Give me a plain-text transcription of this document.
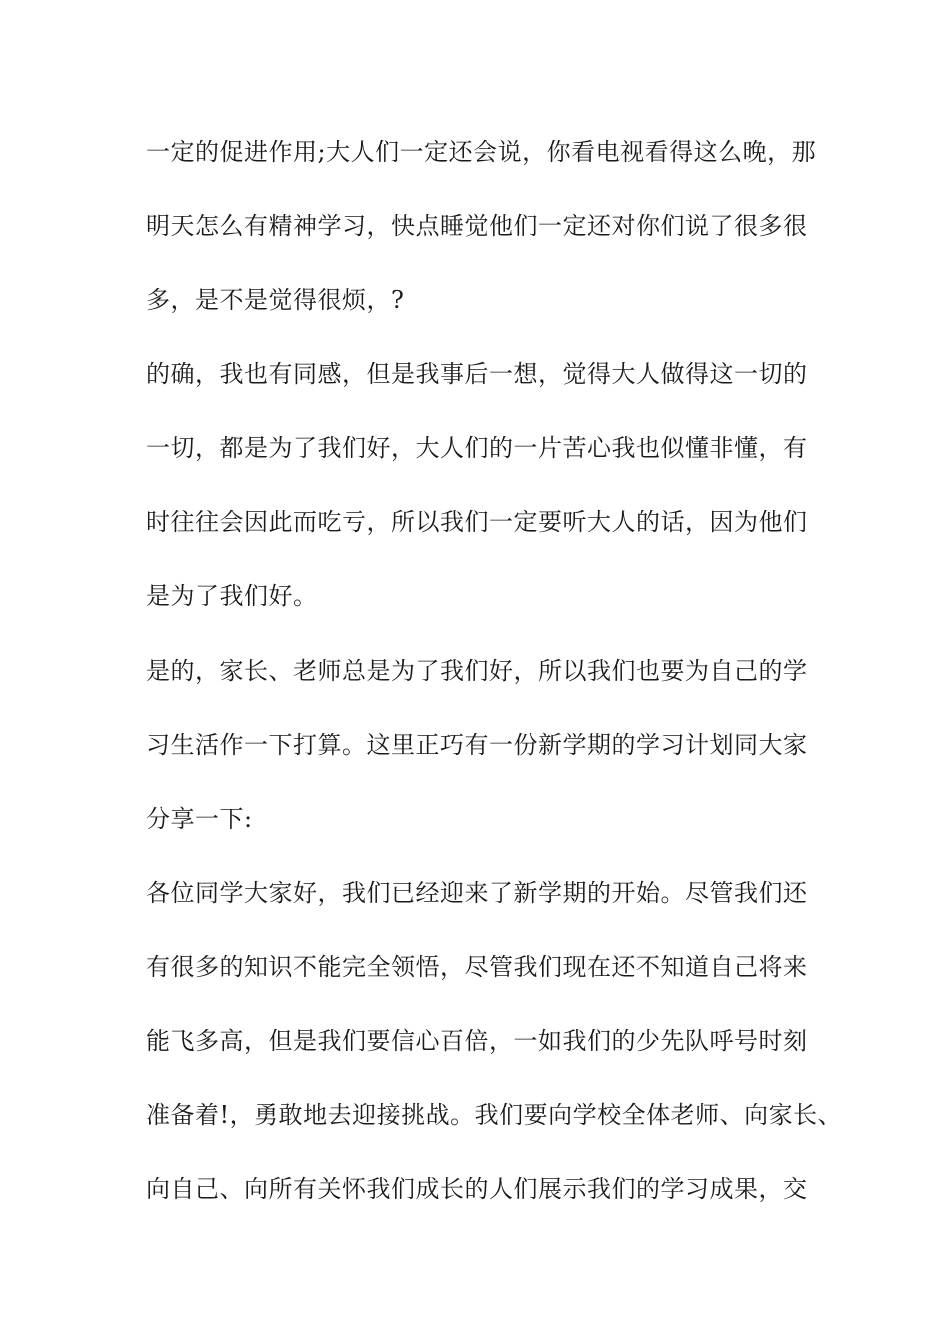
一定的促进作用;大人们一定还会说，你看电视看得这么晚，那
明天怎么有精神学习，快点睡觉他们一定还对你们说了很多很
多，是不是觉得很烦，?
的确，我也有同感，但是我事后一想，觉得大人做得这一切的
一切，都是为了我们好，大人们的一片苦心我也似懂非懂，有
时往往会因此而吃亏，所以我们一定要听大人的话，因为他们
是为了我们好。
是的，家长、老师总是为了我们好，所以我们也要为自己的学
习生活作一下打算。这里正巧有一份新学期的学习计划同大家
分享一下:
各位同学大家好，我们已经迎来了新学期的开始。尽管我们还
有很多的知识不能完全领悟，尽管我们现在还不知道自己将来
能飞多高，但是我们要信心百倍，一如我们的少先队呼号时刻
准备着!，勇敢地去迎接挑战。我们要向学校全体老师、向家长、
向自己、向所有关怀我们成长的人们展示我们的学习成果，交
